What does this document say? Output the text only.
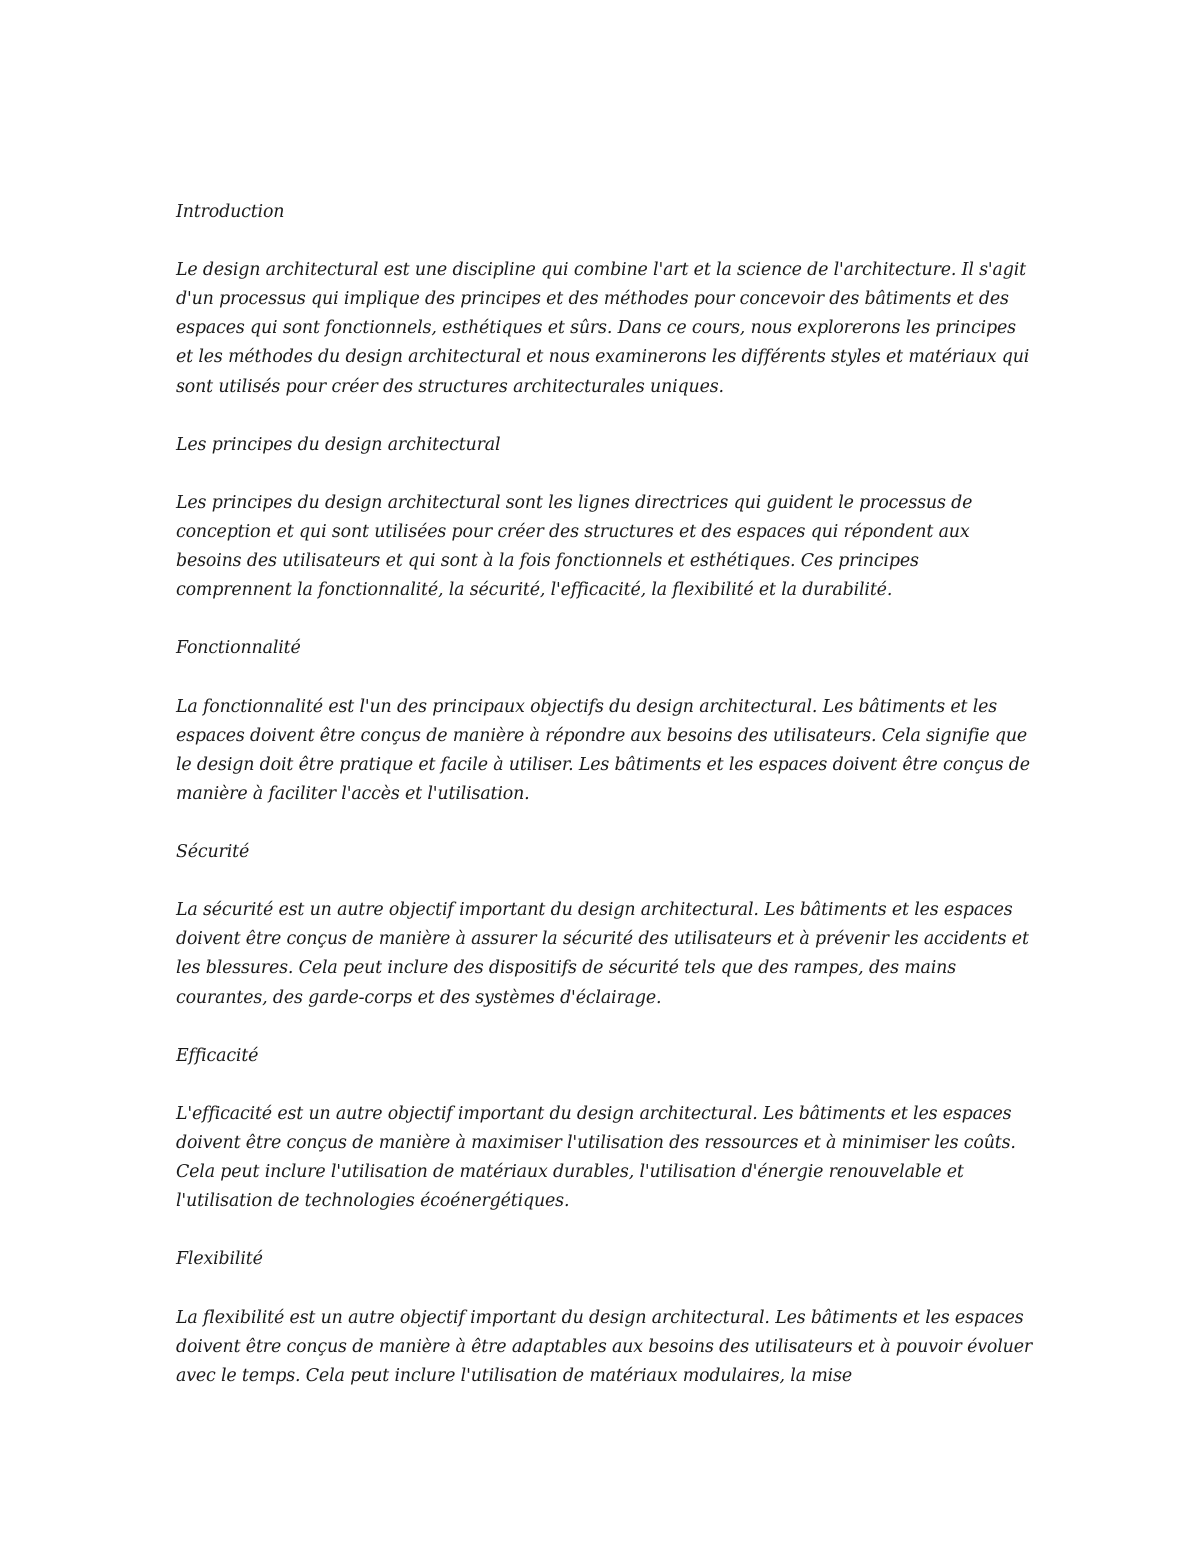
Introduction
Le design architectural est une discipline qui combine l'art et la science de l'architecture. Il s'agit d'un processus qui implique des principes et des méthodes pour concevoir des bâtiments et des espaces qui sont fonctionnels, esthétiques et sûrs. Dans ce cours, nous explorerons les principes et les méthodes du design architectural et nous examinerons les différents styles et matériaux qui sont utilisés pour créer des structures architecturales uniques.
Les principes du design architectural
Les principes du design architectural sont les lignes directrices qui guident le processus de conception et qui sont utilisées pour créer des structures et des espaces qui répondent aux besoins des utilisateurs et qui sont à la fois fonctionnels et esthétiques. Ces principes comprennent la fonctionnalité, la sécurité, l'efficacité, la flexibilité et la durabilité.
Fonctionnalité
La fonctionnalité est l'un des principaux objectifs du design architectural. Les bâtiments et les espaces doivent être conçus de manière à répondre aux besoins des utilisateurs. Cela signifie que le design doit être pratique et facile à utiliser. Les bâtiments et les espaces doivent être conçus de manière à faciliter l'accès et l'utilisation.
Sécurité
La sécurité est un autre objectif important du design architectural. Les bâtiments et les espaces doivent être conçus de manière à assurer la sécurité des utilisateurs et à prévenir les accidents et les blessures. Cela peut inclure des dispositifs de sécurité tels que des rampes, des mains courantes, des garde-corps et des systèmes d'éclairage.
Efficacité
L'efficacité est un autre objectif important du design architectural. Les bâtiments et les espaces doivent être conçus de manière à maximiser l'utilisation des ressources et à minimiser les coûts. Cela peut inclure l'utilisation de matériaux durables, l'utilisation d'énergie renouvelable et l'utilisation de technologies écoénergétiques.
Flexibilité
La flexibilité est un autre objectif important du design architectural. Les bâtiments et les espaces doivent être conçus de manière à être adaptables aux besoins des utilisateurs et à pouvoir évoluer avec le temps. Cela peut inclure l'utilisation de matériaux modulaires, la mise
